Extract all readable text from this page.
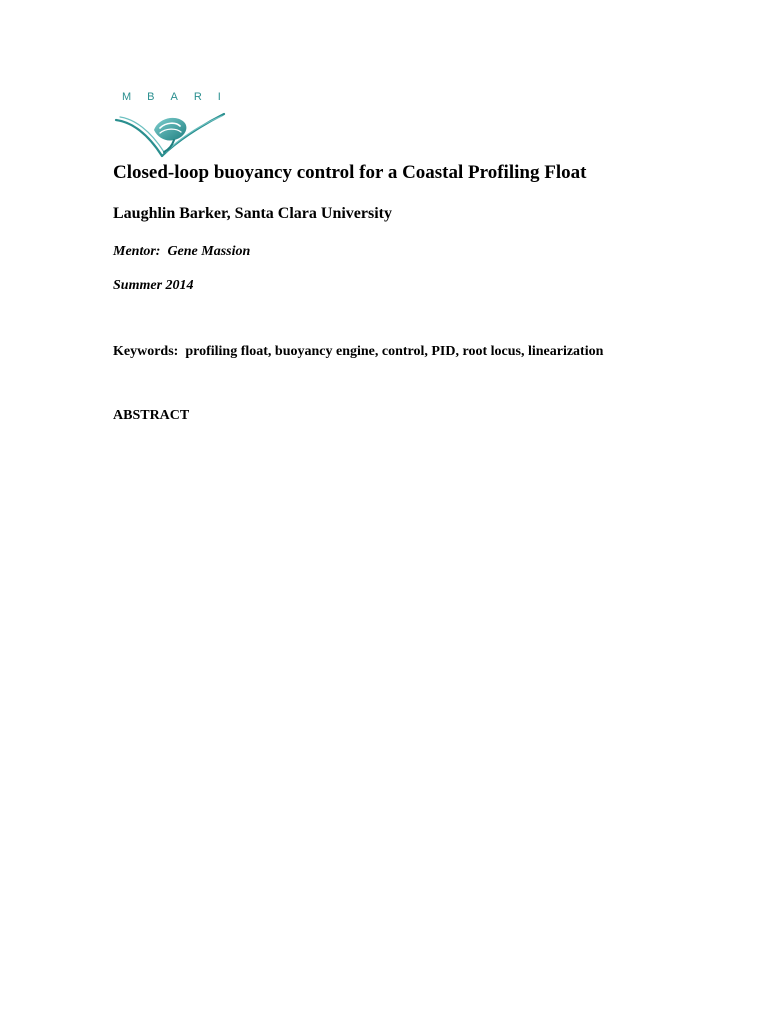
MBARI
Closed-loop buoyancy control for a Coastal Profiling Float
Laughlin Barker, Santa Clara University
Mentor:  Gene Massion
Summer 2014
Keywords:  profiling float, buoyancy engine, control, PID, root locus, linearization
ABSTRACT
